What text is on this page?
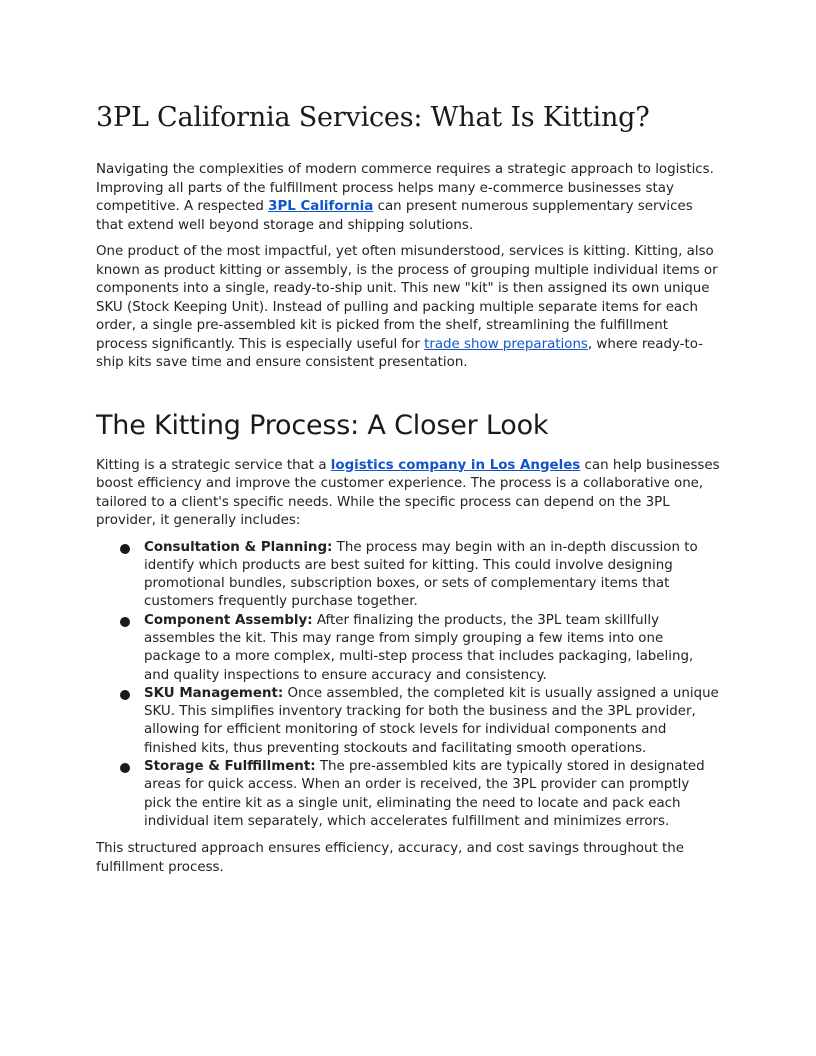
3PL California Services: What Is Kitting?

Navigating the complexities of modern commerce requires a strategic approach to logistics. Improving all parts of the fulfillment process helps many e-commerce businesses stay competitive. A respected 3PL California can present numerous supplementary services that extend well beyond storage and shipping solutions.

One product of the most impactful, yet often misunderstood, services is kitting. Kitting, also known as product kitting or assembly, is the process of grouping multiple individual items or components into a single, ready-to-ship unit. This new "kit" is then assigned its own unique SKU (Stock Keeping Unit). Instead of pulling and packing multiple separate items for each order, a single pre-assembled kit is picked from the shelf, streamlining the fulfillment process significantly. This is especially useful for trade show preparations, where ready-to-ship kits save time and ensure consistent presentation.

The Kitting Process: A Closer Look

Kitting is a strategic service that a logistics company in Los Angeles can help businesses boost efficiency and improve the customer experience. The process is a collaborative one, tailored to a client's specific needs. While the specific process can depend on the 3PL provider, it generally includes:

Consultation & Planning: The process may begin with an in-depth discussion to identify which products are best suited for kitting. This could involve designing promotional bundles, subscription boxes, or sets of complementary items that customers frequently purchase together.
Component Assembly: After finalizing the products, the 3PL team skillfully assembles the kit. This may range from simply grouping a few items into one package to a more complex, multi-step process that includes packaging, labeling, and quality inspections to ensure accuracy and consistency.
SKU Management: Once assembled, the completed kit is usually assigned a unique SKU. This simplifies inventory tracking for both the business and the 3PL provider, allowing for efficient monitoring of stock levels for individual components and finished kits, thus preventing stockouts and facilitating smooth operations.
Storage & Fulffillment: The pre-assembled kits are typically stored in designated areas for quick access. When an order is received, the 3PL provider can promptly pick the entire kit as a single unit, eliminating the need to locate and pack each individual item separately, which accelerates fulfillment and minimizes errors.

This structured approach ensures efficiency, accuracy, and cost savings throughout the fulfillment process.
